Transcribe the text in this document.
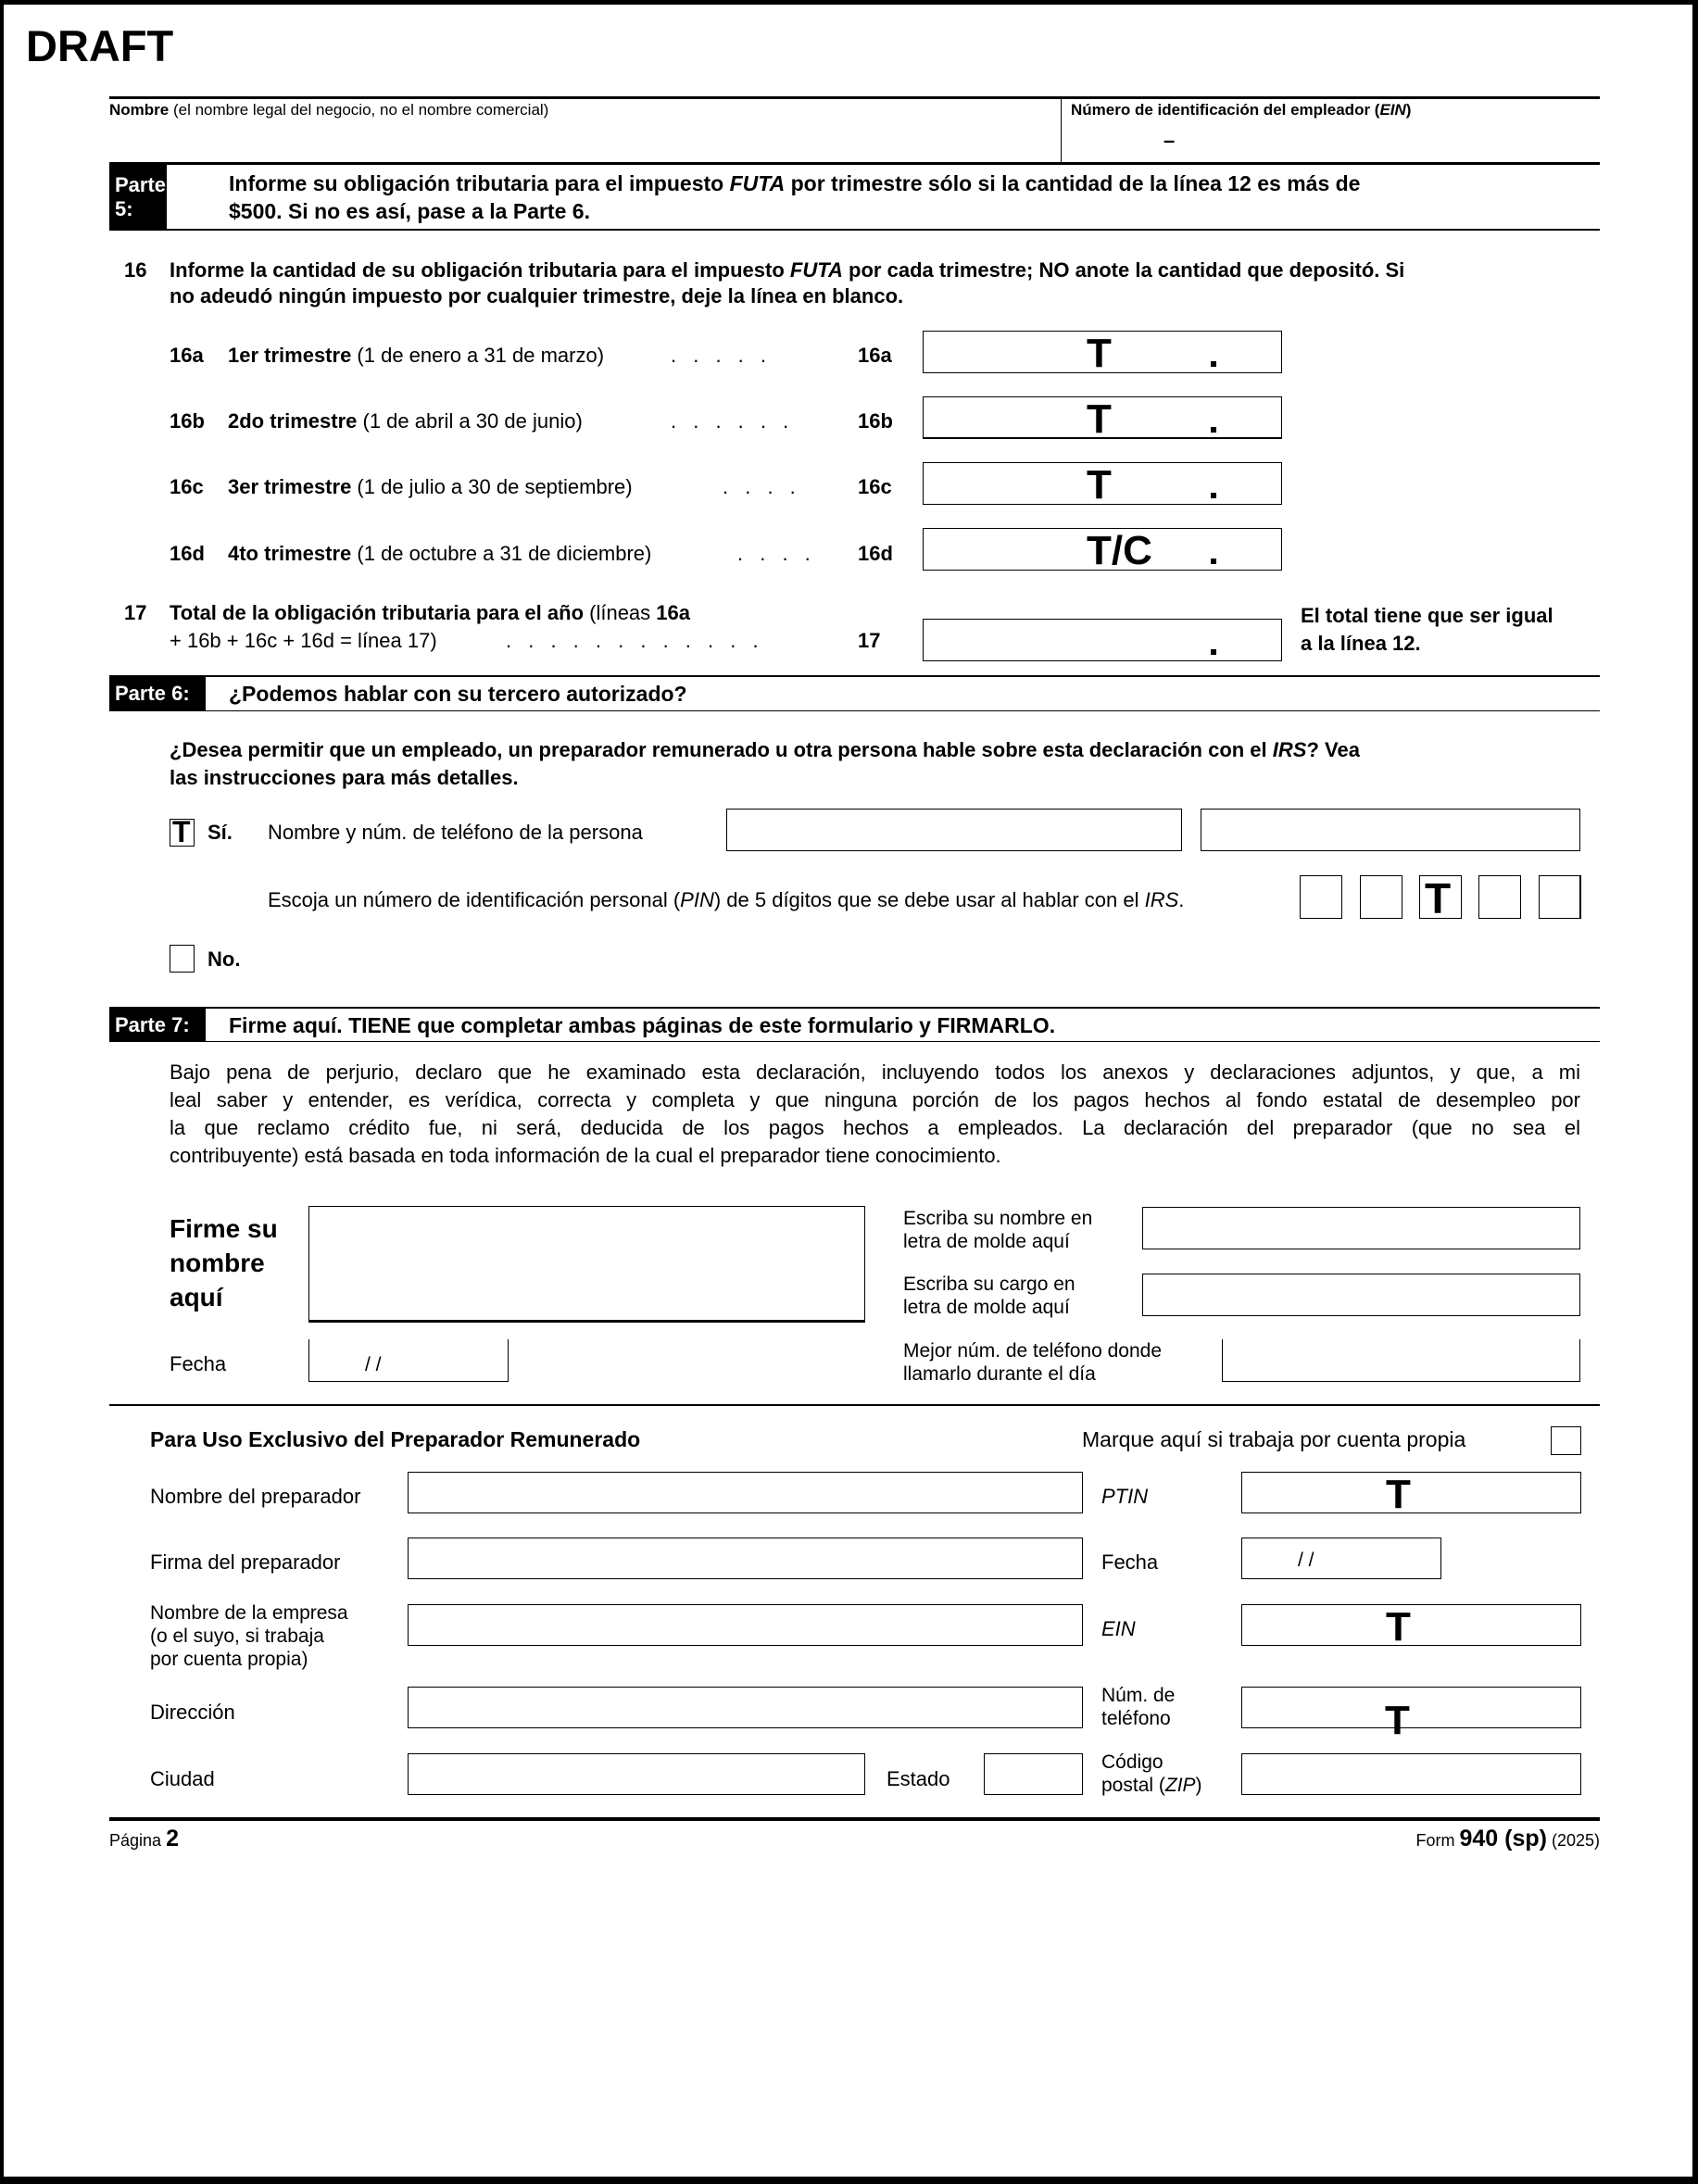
DRAFT
Nombre (el nombre legal del negocio, no el nombre comercial)	Número de identificación del empleador (EIN)
–
Parte 5:
Informe su obligación tributaria para el impuesto FUTA por trimestre sólo si la cantidad de la línea 12 es más de
$500. Si no es así, pase a la Parte 6.
16 Informe la cantidad de su obligación tributaria para el impuesto FUTA por cada trimestre; NO anote la cantidad que depositó. Si
no adeudó ningún impuesto por cualquier trimestre, deje la línea en blanco.
16a 1er trimestre (1 de enero a 31 de marzo)	. . . . .	16a	T
16b 2do trimestre (1 de abril a 30 de junio)	. . . . . .	16b	T
16c 3er trimestre (1 de julio a 30 de septiembre)	. . . .	16c	T
16d 4to trimestre (1 de octubre a 31 de diciembre)	. . . . 16d	T/C
17 Total de la obligación tributaria para el año (líneas 16a
+ 16b + 16c + 16d = línea 17)	. . . . . . . . . . . .	17
El total tiene que ser igual
a la línea 12.
Parte 6:	¿Podemos hablar con su tercero autorizado?
¿Desea permitir que un empleado, un preparador remunerado u otra persona hable sobre esta declaración con el IRS? Vea
las instrucciones para más detalles.
T Sí. Nombre y núm. de teléfono de la persona
Escoja un número de identificación personal (PIN) de 5 dígitos que se debe usar al hablar con el IRS.	T
No.
Parte 7:	Firme aquí. TIENE que completar ambas páginas de este formulario y FIRMARLO.
Bajo pena de perjurio, declaro que he examinado esta declaración, incluyendo todos los anexos y declaraciones adjuntos, y que, a mi
leal saber y entender, es verídica, correcta y completa y que ninguna porción de los pagos hechos al fondo estatal de desempleo por
la que reclamo crédito fue, ni será, deducida de los pagos hechos a empleados. La declaración del preparador (que no sea el
contribuyente) está basada en toda información de la cual el preparador tiene conocimiento.
Firme su
nombre
aquí
Fecha	/ /
Escriba su nombre en
letra de molde aquí
Escriba su cargo en
letra de molde aquí
Mejor núm. de teléfono donde
llamarlo durante el día
Para Uso Exclusivo del Preparador Remunerado	Marque aquí si trabaja por cuenta propia
Nombre del preparador	PTIN	T
Firma del preparador	Fecha	/ /
Nombre de la empresa
(o el suyo, si trabaja
por cuenta propia)
EIN	T
Dirección
Núm. de
teléfono	T
Ciudad	Estado
Código
postal (ZIP)
Página 2	Form 940 (sp) (2025)
